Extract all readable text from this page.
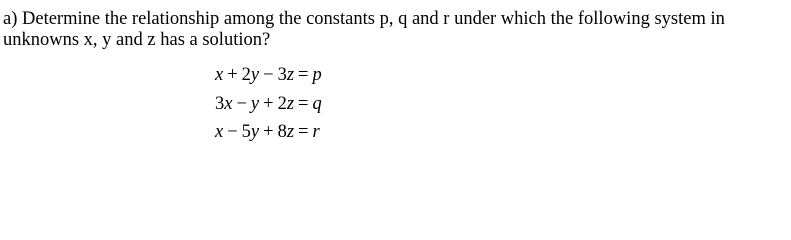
a) Determine the relationship among the constants p, q and r under which the following system in
unknowns x, y and z has a solution?
x + 2y − 3z = p
3x − y + 2z = q
x − 5y + 8z = r
